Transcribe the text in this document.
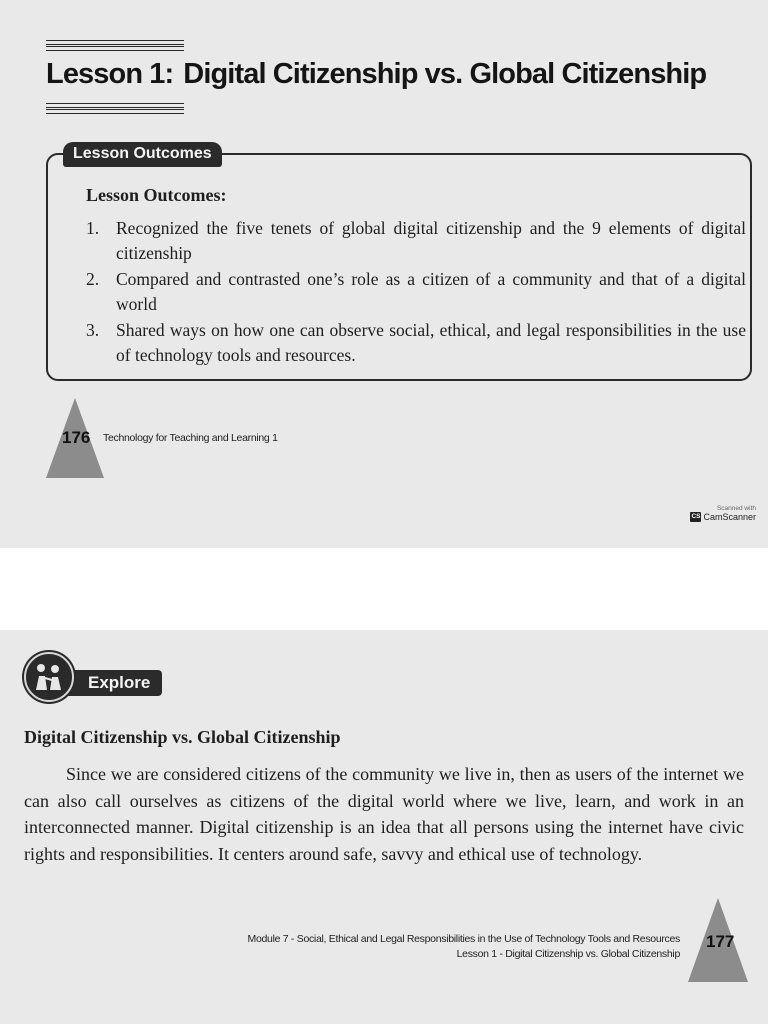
Lesson 1: Digital Citizenship vs. Global Citizenship
Lesson Outcomes

Lesson Outcomes:

1. Recognized the five tenets of global digital citizenship and the 9 elements of digital citizenship
2. Compared and contrasted one’s role as a citizen of a community and that of a digital world
3. Shared ways on how one can observe social, ethical, and legal responsibilities in the use of technology tools and resources.
176 Technology for Teaching and Learning 1
Scanned with
CS CamScanner
Explore
Digital Citizenship vs. Global Citizenship

Since we are considered citizens of the community we live in, then as users of the internet we can also call ourselves as citizens of the digital world where we live, learn, and work in an interconnected manner. Digital citizenship is an idea that all persons using the internet have civic rights and responsibilities. It centers around safe, savvy and ethical use of technology.

Module 7 - Social, Ethical and Legal Responsibilities in the Use of Technology Tools and Resources
Lesson 1 - Digital Citizenship vs. Global Citizenship
177
